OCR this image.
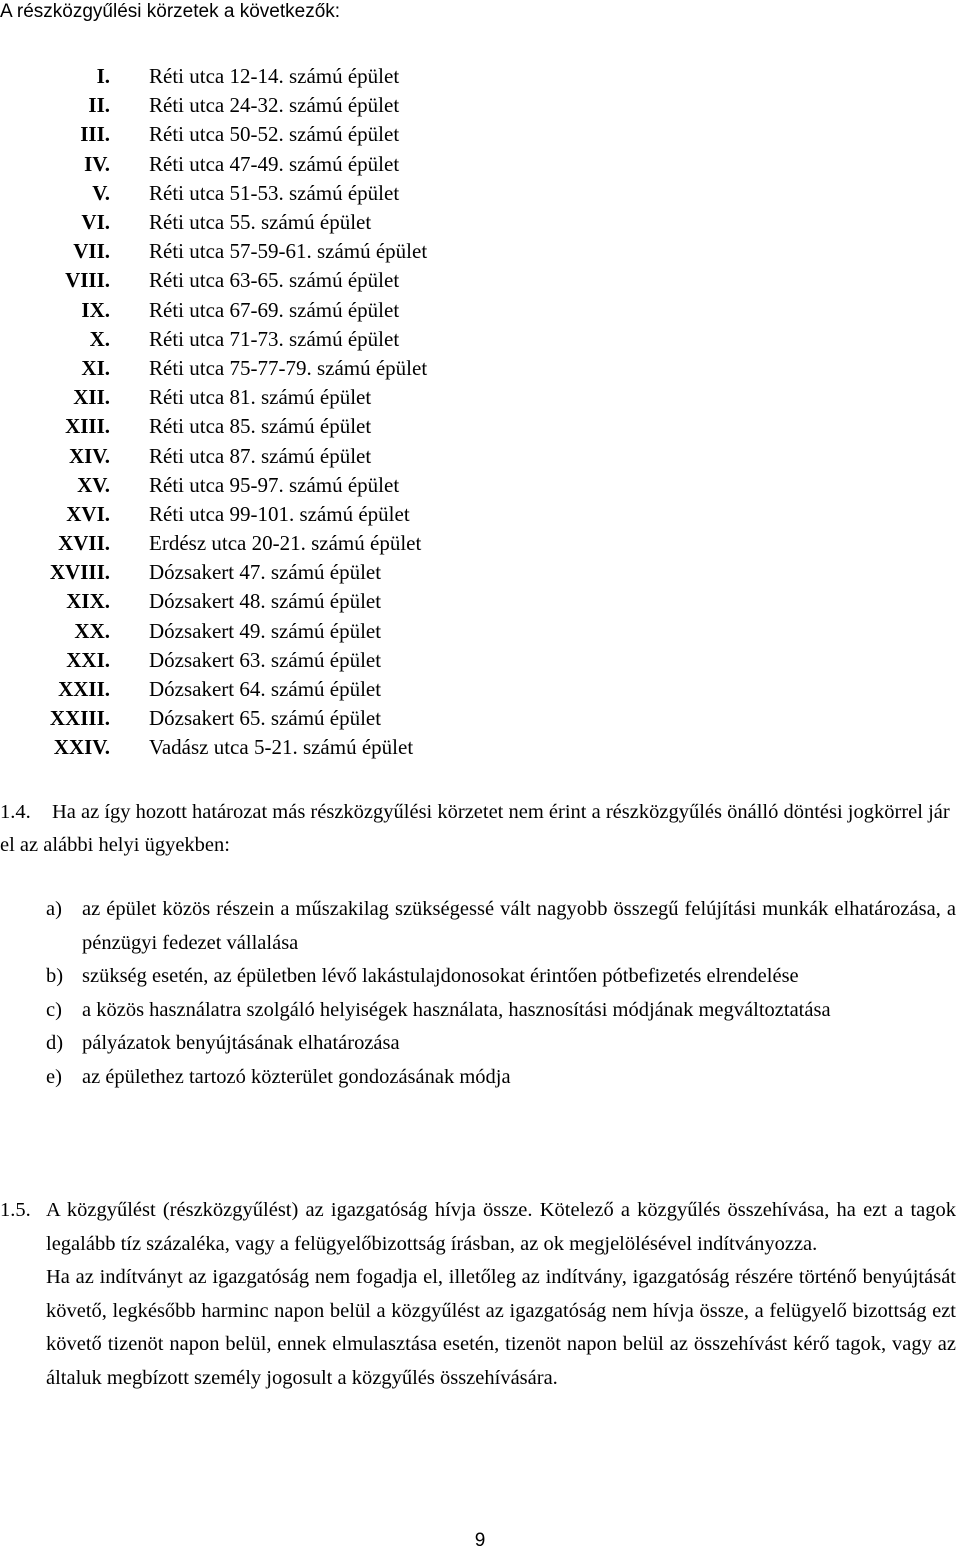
A részközgyűlési körzetek a következők:
I. Réti utca 12-14. számú épület
II. Réti utca 24-32. számú épület
III. Réti utca 50-52. számú épület
IV. Réti utca 47-49. számú épület
V. Réti utca 51-53. számú épület
VI. Réti utca 55. számú épület
VII. Réti utca 57-59-61. számú épület
VIII. Réti utca 63-65. számú épület
IX. Réti utca 67-69. számú épület
X. Réti utca 71-73. számú épület
XI. Réti utca 75-77-79. számú épület
XII. Réti utca 81. számú épület
XIII. Réti utca 85. számú épület
XIV. Réti utca 87. számú épület
XV. Réti utca 95-97. számú épület
XVI. Réti utca 99-101. számú épület
XVII. Erdész utca 20-21. számú épület
XVIII. Dózsakert 47. számú épület
XIX. Dózsakert 48. számú épület
XX. Dózsakert 49. számú épület
XXI. Dózsakert 63. számú épület
XXII. Dózsakert 64. számú épület
XXIII. Dózsakert 65. számú épület
XXIV. Vadász utca 5-21. számú épület
1.4. Ha az így hozott határozat más részközgyűlési körzetet nem érint a részközgyűlés önálló döntési jogkörrel jár el az alábbi helyi ügyekben:
a) az épület közös részein a műszakilag szükségessé vált nagyobb összegű felújítási munkák elhatározása, a pénzügyi fedezet vállalása
b) szükség esetén, az épületben lévő lakástulajdonosokat érintően pótbefizetés elrendelése
c) a közös használatra szolgáló helyiségek használata, hasznosítási módjának megváltoztatása
d) pályázatok benyújtásának elhatározása
e) az épülethez tartozó közterület gondozásának módja
1.5. A közgyűlést (részközgyűlést) az igazgatóság hívja össze. Kötelező a közgyűlés összehívása, ha ezt a tagok legalább tíz százaléka, vagy a felügyelőbizottság írásban, az ok megjelölésével indítványozza.

Ha az indítványt az igazgatóság nem fogadja el, illetőleg az indítvány, igazgatóság részére történő benyújtását követő, legkésőbb harminc napon belül a közgyűlést az igazgatóság nem hívja össze, a felügyelő bizottság ezt követő tizenöt napon belül, ennek elmulasztása esetén, tizenöt napon belül az összehívást kérő tagok, vagy az általuk megbízott személy jogosult a közgyűlés összehívására.

9
